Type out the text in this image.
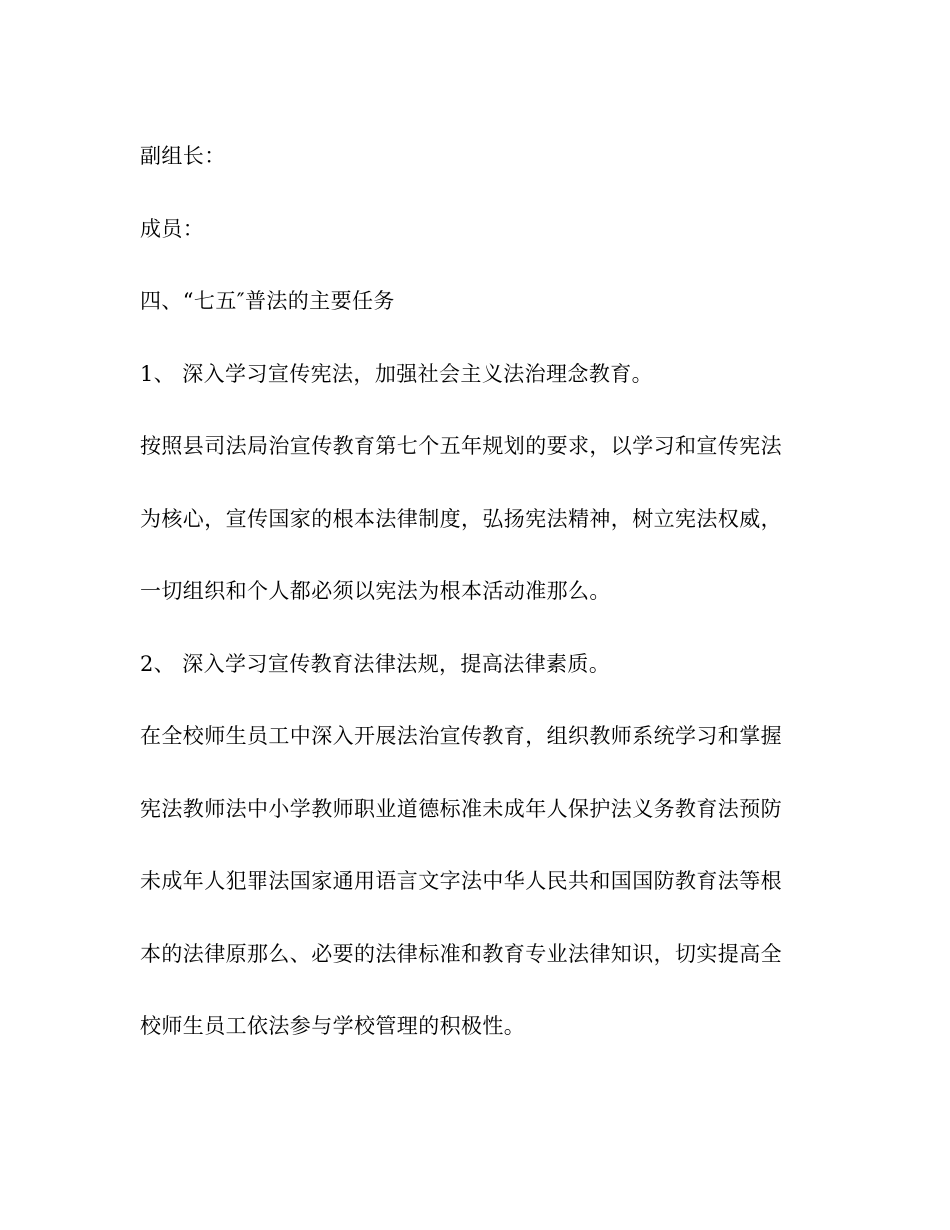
副组长：
成员：
四、“七五″普法的主要任务
1、 深入学习宣传宪法，加强社会主义法治理念教育。
按照县司法局治宣传教育第七个五年规划的要求，以学习和宣传宪法
为核心，宣传国家的根本法律制度，弘扬宪法精神，树立宪法权威，
一切组织和个人都必须以宪法为根本活动准那么。
2、 深入学习宣传教育法律法规，提高法律素质。
在全校师生员工中深入开展法治宣传教育，组织教师系统学习和掌握
宪法教师法中小学教师职业道德标准未成年人保护法义务教育法预防
未成年人犯罪法国家通用语言文字法中华人民共和国国防教育法等根
本的法律原那么、必要的法律标准和教育专业法律知识，切实提高全
校师生员工依法参与学校管理的积极性。
